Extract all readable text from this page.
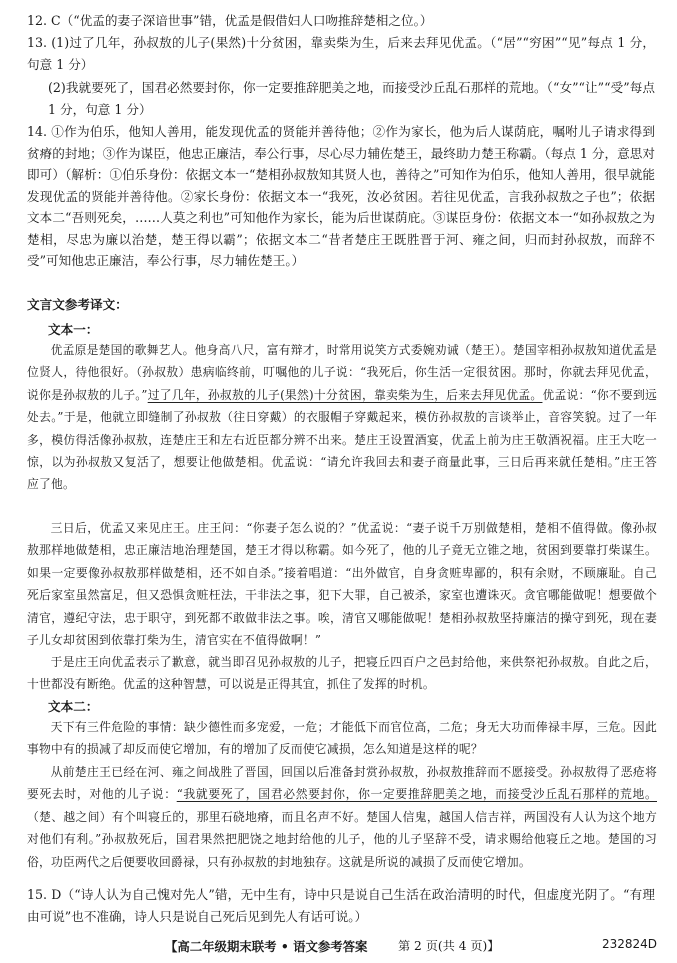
12. C（“优孟的妻子深谙世事”错，优孟是假借妇人口吻推辞楚相之位。）
13. (1)过了几年，孙叔敖的儿子(果然)十分贫困，靠卖柴为生，后来去拜见优孟。（“居”“穷困”“见”每点 1 分，句意 1 分）
(2)我就要死了，国君必然要封你，你一定要推辞肥美之地，而接受沙丘乱石那样的荒地。（“女”“让”“受”每点 1 分，句意 1 分）
14. ①作为伯乐，他知人善用，能发现优孟的贤能并善待他；②作为家长，他为后人谋荫庇，嘱咐儿子请求得到贫瘠的封地；③作为谋臣，他忠正廉洁，奉公行事，尽心尽力辅佐楚王，最终助力楚王称霸。（每点 1 分，意思对即可）（解析：①伯乐身份：依据文本一“楚相孙叔敖知其贤人也，善待之”可知作为伯乐，他知人善用，很早就能发现优孟的贤能并善待他。②家长身份：依据文本一“我死，汝必贫困。若往见优孟，言我孙叔敖之子也”；依据文本二“吾则死矣，……人莫之利也”可知他作为家长，能为后世谋荫庇。③谋臣身份：依据文本一“如孙叔敖之为楚相，尽忠为廉以治楚，楚王得以霸”；依据文本二“昔者楚庄王既胜晋于河、雍之间，归而封孙叔敖，而辞不受”可知他忠正廉洁，奉公行事，尽力辅佐楚王。）
文言文参考译文：
文本一：
优孟原是楚国的歌舞艺人。他身高八尺，富有辩才，时常用说笑方式委婉劝诫（楚王）。楚国宰相孙叔敖知道优孟是位贤人，待他很好。（孙叔敖）患病临终前，叮嘱他的儿子说：“我死后，你生活一定很贫困。那时，你就去拜见优孟，说你是孙叔敖的儿子。”过了几年，孙叔敖的儿子(果然)十分贫困，靠卖柴为生，后来去拜见优孟。优孟说：“你不要到远处去。”于是，他就立即缝制了孙叔敖（往日穿戴）的衣服帽子穿戴起来，模仿孙叔敖的言谈举止，音容笑貌。过了一年多，模仿得活像孙叔敖，连楚庄王和左右近臣都分辨不出来。楚庄王设置酒宴，优孟上前为庄王敬酒祝福。庄王大吃一惊，以为孙叔敖又复活了，想要让他做楚相。优孟说：“请允许我回去和妻子商量此事，三日后再来就任楚相。”庄王答应了他。
三日后，优孟又来见庄王。庄王问：“你妻子怎么说的？”优孟说：“妻子说千万别做楚相，楚相不值得做。像孙叔敖那样地做楚相，忠正廉洁地治理楚国，楚王才得以称霸。如今死了，他的儿子竟无立锥之地，贫困到要靠打柴谋生。如果一定要像孙叔敖那样做楚相，还不如自杀。”接着唱道：“出外做官，自身贪赃卑鄙的，积有余财，不顾廉耻。自己死后家室虽然富足，但又恐惧贪赃枉法，干非法之事，犯下大罪，自己被杀，家室也遭诛灭。贪官哪能做呢！想要做个清官，遵纪守法，忠于职守，到死都不敢做非法之事。唉，清官又哪能做呢！楚相孙叔敖坚持廉洁的操守到死，现在妻子儿女却贫困到依靠打柴为生，清官实在不值得做啊！”
于是庄王向优孟表示了歉意，就当即召见孙叔敖的儿子，把寝丘四百户之邑封给他，来供祭祀孙叔敖。自此之后，十世都没有断绝。优孟的这种智慧，可以说是正得其宜，抓住了发挥的时机。
文本二：
天下有三件危险的事情：缺少德性而多宠爱，一危；才能低下而官位高，二危；身无大功而俸禄丰厚，三危。因此事物中有的损减了却反而使它增加，有的增加了反而使它减损，怎么知道是这样的呢？
从前楚庄王已经在河、雍之间战胜了晋国，回国以后准备封赏孙叔敖，孙叔敖推辞而不愿接受。孙叔敖得了恶疮将要死去时，对他的儿子说：“我就要死了，国君必然要封你，你一定要推辞肥美之地，而接受沙丘乱石那样的荒地。（楚、越之间）有个叫寝丘的，那里石硗地瘠，而且名声不好。楚国人信鬼，越国人信吉祥，两国没有人认为这个地方对他们有利。”孙叔敖死后，国君果然把肥饶之地封给他的儿子，他的儿子坚辞不受，请求赐给他寝丘之地。楚国的习俗，功臣两代之后便要收回爵禄，只有孙叔敖的封地独存。这就是所说的减损了反而使它增加。
15. D（“诗人认为自己愧对先人”错，无中生有，诗中只是说自己生活在政治清明的时代，但虚度光阴了。“有理由可说”也不准确，诗人只是说自己死后见到先人有话可说。）
【高二年级期末联考 • 语文参考答案	第 2 页(共 4 页)】	232824D
